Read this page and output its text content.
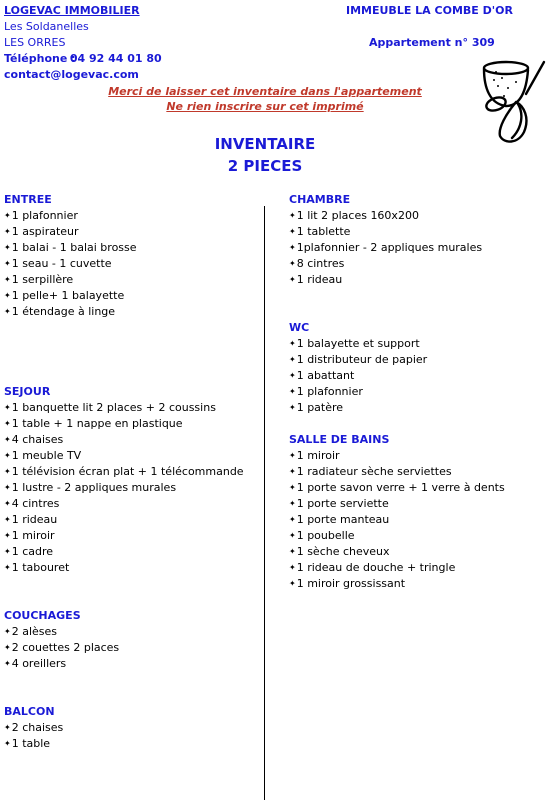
LOGEVAC IMMOBILIER
Les Soldanelles
LES ORRES
Téléphone : 04 92 44 01 80
contact@logevac.com
IMMEUBLE LA COMBE D'OR
Appartement n° 309
Merci de laisser cet inventaire dans l'appartement
Ne rien inscrire sur cet imprimé
INVENTAIRE
2 PIECES
ENTREE
✦ 1 plafonnier
✦ 1 aspirateur
✦ 1 balai - 1 balai brosse
✦ 1 seau - 1 cuvette
✦ 1 serpillère
✦ 1 pelle+ 1 balayette
✦ 1 étendage à linge
SEJOUR
✦ 1 banquette lit 2 places + 2 coussins
✦ 1 table + 1 nappe en plastique
✦ 4 chaises
✦ 1 meuble TV
✦ 1 télévision écran plat + 1 télécommande
✦ 1 lustre - 2 appliques murales
✦ 4 cintres
✦ 1 rideau
✦ 1 miroir
✦ 1 cadre
✦ 1 tabouret
COUCHAGES
✦ 2 alèses
✦ 2 couettes 2 places
✦ 4 oreillers
BALCON
✦ 2 chaises
✦ 1 table
CHAMBRE
✦ 1 lit 2 places 160x200
✦ 1 tablette
✦ 1plafonnier - 2 appliques murales
✦ 8 cintres
✦ 1 rideau
WC
✦ 1 balayette et support
✦ 1 distributeur de papier
✦ 1 abattant
✦ 1 plafonnier
✦ 1 patère
SALLE DE BAINS
✦ 1 miroir
✦ 1 radiateur sèche serviettes
✦ 1 porte savon verre + 1 verre à dents
✦ 1 porte serviette
✦ 1 porte manteau
✦ 1 poubelle
✦ 1 sèche cheveux
✦ 1 rideau de douche + tringle
✦ 1 miroir grossissant
